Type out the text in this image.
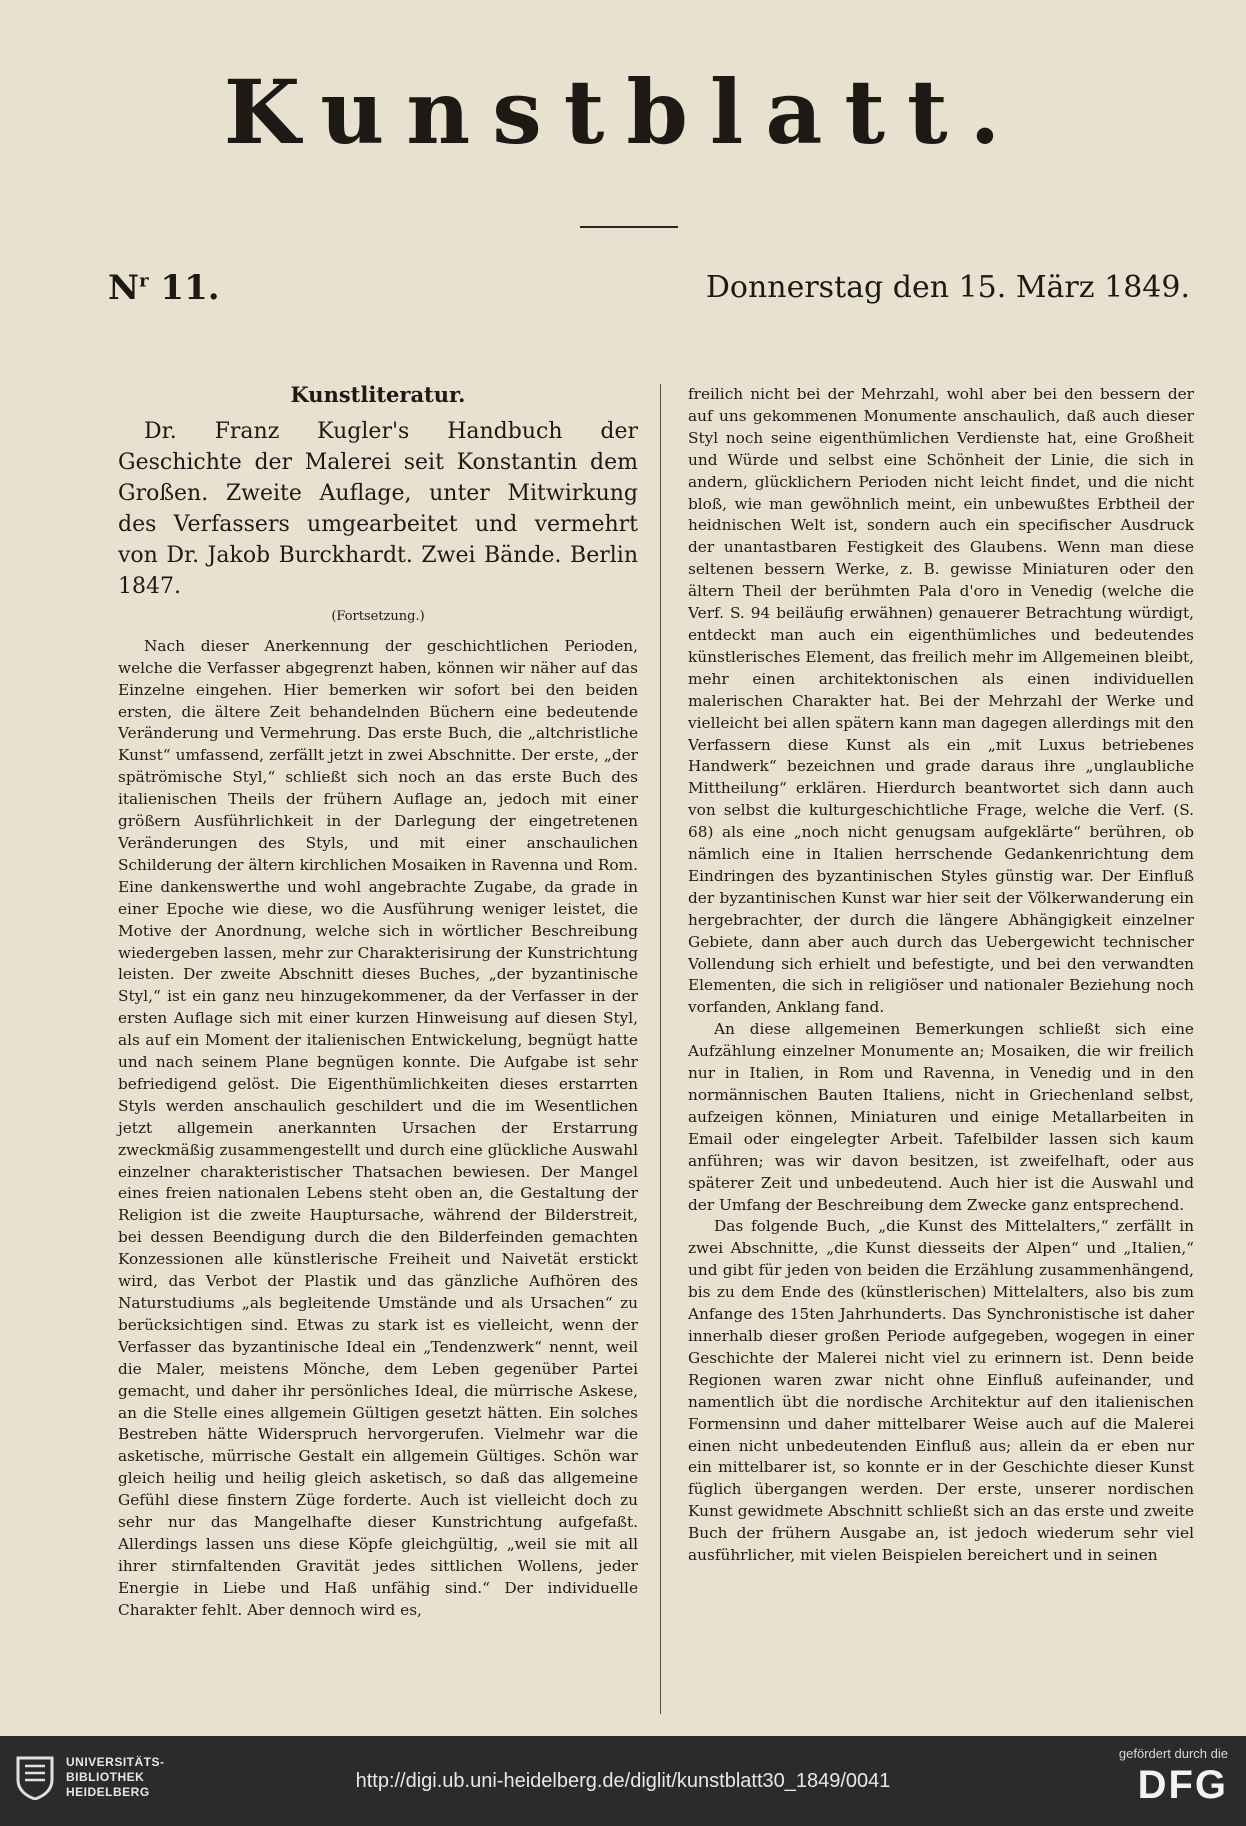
Kunstblatt.
$N^r$ 11.	Donnerstag den 15. März 1849.
Kunstliteratur.

Dr. Franz Kugler's Handbuch der Geschichte der Malerei seit Konstantin dem Großen. Zweite Auflage, unter Mitwirkung des Verfassers umgearbeitet und vermehrt von Dr. Jakob Burckhardt. Zwei Bände. Berlin 1847.

(Fortsetzung.)

Nach dieser Anerkennung der geschichtlichen Perioden, welche die Verfasser abgegrenzt haben, können wir näher auf das Einzelne eingehen. Hier bemerken wir sofort bei den beiden ersten, die ältere Zeit behandelnden Büchern eine bedeutende Veränderung und Vermehrung. Das erste Buch, die „altchristliche Kunst“ umfassend, zerfällt jetzt in zwei Abschnitte. Der erste, „der spätrömische Styl,“ schließt sich noch an das erste Buch des italienischen Theils der frühern Auflage an, jedoch mit einer größern Ausführlichkeit in der Darlegung der eingetretenen Veränderungen des Styls, und mit einer anschaulichen Schilderung der ältern kirchlichen Mosaiken in Ravenna und Rom. Eine dankenswerthe und wohl angebrachte Zugabe, da grade in einer Epoche wie diese, wo die Ausführung weniger leistet, die Motive der Anordnung, welche sich in wörtlicher Beschreibung wiedergeben lassen, mehr zur Charakterisirung der Kunstrichtung leisten. Der zweite Abschnitt dieses Buches, „der byzantinische Styl,“ ist ein ganz neu hinzugekommener, da der Verfasser in der ersten Auflage sich mit einer kurzen Hinweisung auf diesen Styl, als auf ein Moment der italienischen Entwickelung, begnügt hatte und nach seinem Plane begnügen konnte. Die Aufgabe ist sehr befriedigend gelöst. Die Eigenthümlichkeiten dieses erstarrten Styls werden anschaulich geschildert und die im Wesentlichen jetzt allgemein anerkannten Ursachen der Erstarrung zweckmäßig zusammengestellt und durch eine glückliche Auswahl einzelner charakteristischer Thatsachen bewiesen. Der Mangel eines freien nationalen Lebens steht oben an, die Gestaltung der Religion ist die zweite Hauptursache, während der Bilderstreit, bei dessen Beendigung durch die den Bilderfeinden gemachten Konzessionen alle künstlerische Freiheit und Naivetät erstickt wird, das Verbot der Plastik und das gänzliche Aufhören des Naturstudiums „als begleitende Umstände und als Ursachen“ zu berücksichtigen sind. Etwas zu stark ist es vielleicht, wenn der Verfasser das byzantinische Ideal ein „Tendenzwerk“ nennt, weil die Maler, meistens Mönche, dem Leben gegenüber Partei gemacht, und daher ihr persönliches Ideal, die mürrische Askese, an die Stelle eines allgemein Gültigen gesetzt hätten. Ein solches Bestreben hätte Widerspruch hervorgerufen. Vielmehr war die asketische, mürrische Gestalt ein allgemein Gültiges. Schön war gleich heilig und heilig gleich asketisch, so daß das allgemeine Gefühl diese finstern Züge forderte. Auch ist vielleicht doch zu sehr nur das Mangelhafte dieser Kunstrichtung aufgefaßt. Allerdings lassen uns diese Köpfe gleichgültig, „weil sie mit all ihrer stirnfaltenden Gravität jedes sittlichen Wollens, jeder Energie in Liebe und Haß unfähig sind.“ Der individuelle Charakter fehlt. Aber dennoch wird es,

freilich nicht bei der Mehrzahl, wohl aber bei den bessern der auf uns gekommenen Monumente anschaulich, daß auch dieser Styl noch seine eigenthümlichen Verdienste hat, eine Großheit und Würde und selbst eine Schönheit der Linie, die sich in andern, glücklichern Perioden nicht leicht findet, und die nicht bloß, wie man gewöhnlich meint, ein unbewußtes Erbtheil der heidnischen Welt ist, sondern auch ein specifischer Ausdruck der unantastbaren Festigkeit des Glaubens. Wenn man diese seltenen bessern Werke, z. B. gewisse Miniaturen oder den ältern Theil der berühmten Pala d'oro in Venedig (welche die Verf. S. 94 beiläufig erwähnen) genauerer Betrachtung würdigt, entdeckt man auch ein eigenthümliches und bedeutendes künstlerisches Element, das freilich mehr im Allgemeinen bleibt, mehr einen architektonischen als einen individuellen malerischen Charakter hat. Bei der Mehrzahl der Werke und vielleicht bei allen spätern kann man dagegen allerdings mit den Verfassern diese Kunst als ein „mit Luxus betriebenes Handwerk“ bezeichnen und grade daraus ihre „unglaubliche Mittheilung“ erklären. Hierdurch beantwortet sich dann auch von selbst die kulturgeschichtliche Frage, welche die Verf. (S. 68) als eine „noch nicht genugsam aufgeklärte“ berühren, ob nämlich eine in Italien herrschende Gedankenrichtung dem Eindringen des byzantinischen Styles günstig war. Der Einfluß der byzantinischen Kunst war hier seit der Völkerwanderung ein hergebrachter, der durch die längere Abhängigkeit einzelner Gebiete, dann aber auch durch das Uebergewicht technischer Vollendung sich erhielt und befestigte, und bei den verwandten Elementen, die sich in religiöser und nationaler Beziehung noch vorfanden, Anklang fand.

An diese allgemeinen Bemerkungen schließt sich eine Aufzählung einzelner Monumente an; Mosaiken, die wir freilich nur in Italien, in Rom und Ravenna, in Venedig und in den normännischen Bauten Italiens, nicht in Griechenland selbst, aufzeigen können, Miniaturen und einige Metallarbeiten in Email oder eingelegter Arbeit. Tafelbilder lassen sich kaum anführen; was wir davon besitzen, ist zweifelhaft, oder aus späterer Zeit und unbedeutend. Auch hier ist die Auswahl und der Umfang der Beschreibung dem Zwecke ganz entsprechend.

Das folgende Buch, „die Kunst des Mittelalters,“ zerfällt in zwei Abschnitte, „die Kunst diesseits der Alpen“ und „Italien,“ und gibt für jeden von beiden die Erzählung zusammenhängend, bis zu dem Ende des (künstlerischen) Mittelalters, also bis zum Anfange des 15ten Jahrhunderts. Das Synchronistische ist daher innerhalb dieser großen Periode aufgegeben, wogegen in einer Geschichte der Malerei nicht viel zu erinnern ist. Denn beide Regionen waren zwar nicht ohne Einfluß aufeinander, und namentlich übt die nordische Architektur auf den italienischen Formensinn und daher mittelbarer Weise auch auf die Malerei einen nicht unbedeutenden Einfluß aus; allein da er eben nur ein mittelbarer ist, so konnte er in der Geschichte dieser Kunst füglich übergangen werden. Der erste, unserer nordischen Kunst gewidmete Abschnitt schließt sich an das erste und zweite Buch der frühern Ausgabe an, ist jedoch wiederum sehr viel ausführlicher, mit vielen Beispielen bereichert und in seinen

UNIVERSITÄTS-
BIBLIOTHEK
HEIDELBERG	http://digi.ub.uni-heidelberg.de/diglit/kunstblatt30_1849/0041
gefördert durch die
DFG
